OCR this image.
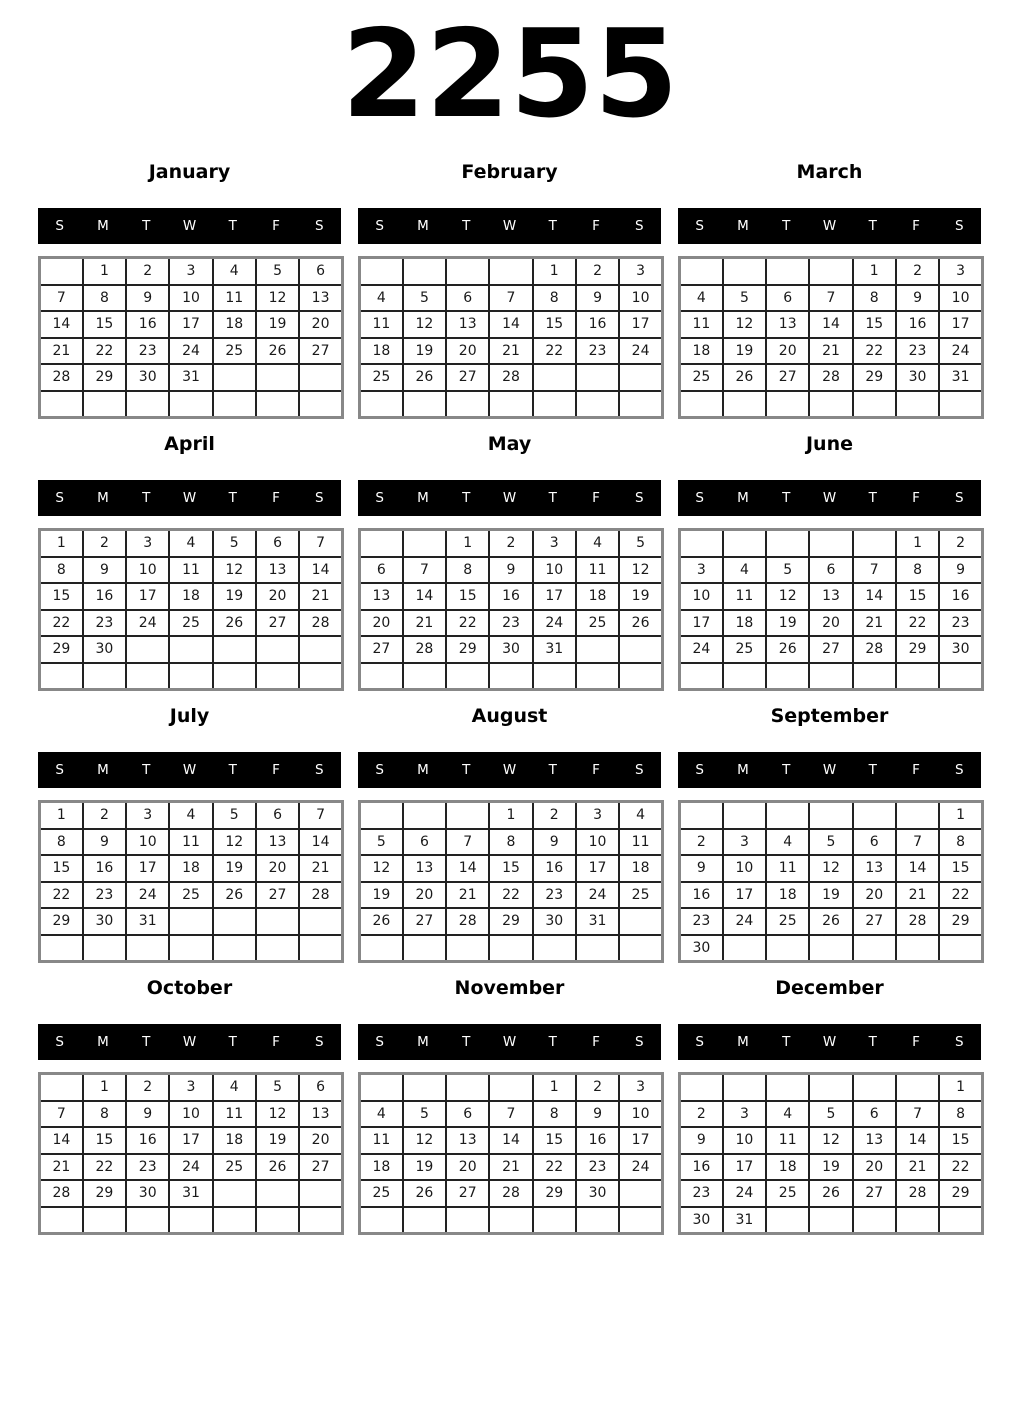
2255
January
S	M	T	W	T	F	S
	1	2	3	4	5	6
7	8	9	10	11	12	13
14	15	16	17	18	19	20
21	22	23	24	25	26	27
28	29	30	31			

February
S	M	T	W	T	F	S
				1	2	3
4	5	6	7	8	9	10
11	12	13	14	15	16	17
18	19	20	21	22	23	24
25	26	27	28			

March
S	M	T	W	T	F	S
				1	2	3
4	5	6	7	8	9	10
11	12	13	14	15	16	17
18	19	20	21	22	23	24
25	26	27	28	29	30	31

April
S	M	T	W	T	F	S
1	2	3	4	5	6	7
8	9	10	11	12	13	14
15	16	17	18	19	20	21
22	23	24	25	26	27	28
29	30					

May
S	M	T	W	T	F	S
		1	2	3	4	5
6	7	8	9	10	11	12
13	14	15	16	17	18	19
20	21	22	23	24	25	26
27	28	29	30	31		

June
S	M	T	W	T	F	S
					1	2
3	4	5	6	7	8	9
10	11	12	13	14	15	16
17	18	19	20	21	22	23
24	25	26	27	28	29	30

July
S	M	T	W	T	F	S
1	2	3	4	5	6	7
8	9	10	11	12	13	14
15	16	17	18	19	20	21
22	23	24	25	26	27	28
29	30	31				

August
S	M	T	W	T	F	S
			1	2	3	4
5	6	7	8	9	10	11
12	13	14	15	16	17	18
19	20	21	22	23	24	25
26	27	28	29	30	31	

September
S	M	T	W	T	F	S
						1
2	3	4	5	6	7	8
9	10	11	12	13	14	15
16	17	18	19	20	21	22
23	24	25	26	27	28	29
30						
October
S	M	T	W	T	F	S
	1	2	3	4	5	6
7	8	9	10	11	12	13
14	15	16	17	18	19	20
21	22	23	24	25	26	27
28	29	30	31			

November
S	M	T	W	T	F	S
				1	2	3
4	5	6	7	8	9	10
11	12	13	14	15	16	17
18	19	20	21	22	23	24
25	26	27	28	29	30	

December
S	M	T	W	T	F	S
						1
2	3	4	5	6	7	8
9	10	11	12	13	14	15
16	17	18	19	20	21	22
23	24	25	26	27	28	29
30	31					
